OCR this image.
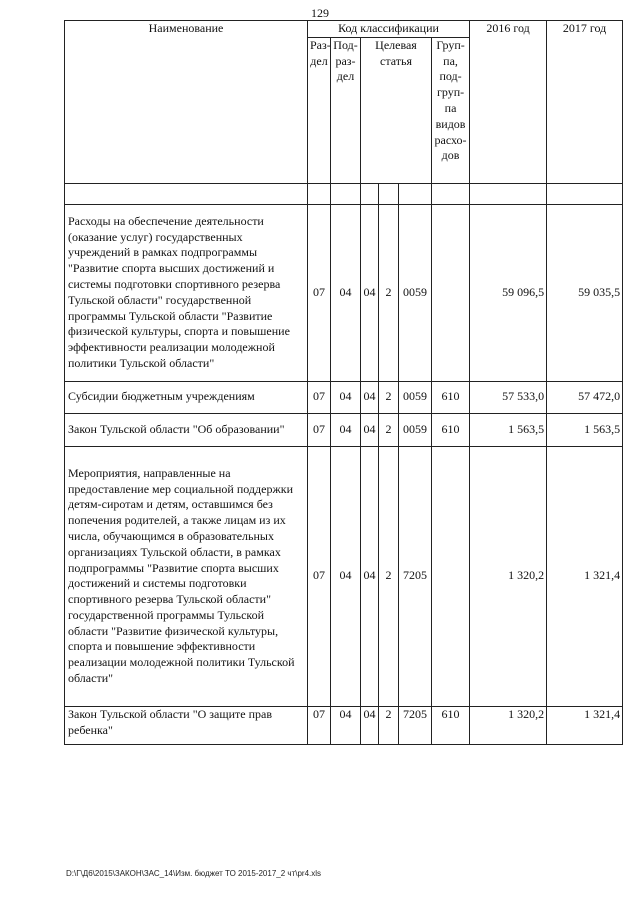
129
Наименование	Код классификации						2016 год	2017 год
	Раз-дел	Под-раз-дел	Целевая статья			Груп-па, под-груп-па видов расхо-дов		

Расходы на обеспечение деятельности (оказание услуг) государственных учреждений в рамках подпрограммы "Развитие спорта высших достижений и системы подготовки спортивного резерва Тульской области" государственной программы Тульской области "Развитие физической культуры, спорта и повышение эффективности реализации молодежной политики Тульской области"	07	04	04	2	0059		59 096,5	59 035,5
Субсидии бюджетным учреждениям	07	04	04	2	0059	610	57 533,0	57 472,0
Закон Тульской области "Об образовании"	07	04	04	2	0059	610	1 563,5	1 563,5
Мероприятия, направленные на предоставление мер социальной поддержки детям-сиротам и детям, оставшимся без попечения родителей, а также лицам из их числа, обучающимся в образовательных организациях Тульской области, в рамках подпрограммы "Развитие спорта высших достижений и системы подготовки спортивного резерва Тульской области" государственной программы Тульской области "Развитие физической культуры, спорта и повышение эффективности реализации молодежной политики Тульской области"	07	04	04	2	7205		1 320,2	1 321,4
Закон Тульской области "О защите прав ребенка"	07	04	04	2	7205	610	1 320,2	1 321,4
D:\Г\Д6\2015\ЗАКОН\ЗАС_14\Изм. бюджет ТО 2015-2017_2 чт\pr4.xls
